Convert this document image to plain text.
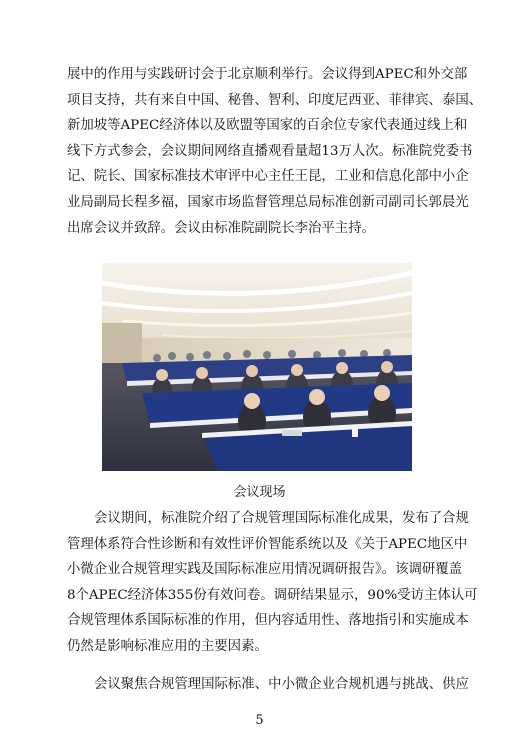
展中的作用与实践研讨会于北京顺利举行。会议得到APEC和外交部
项目支持，共有来自中国、秘鲁、智利、印度尼西亚、菲律宾、泰国、
新加坡等APEC经济体以及欧盟等国家的百余位专家代表通过线上和
线下方式参会，会议期间网络直播观看量超13万人次。标准院党委书
记、院长、国家标准技术审评中心主任王昆，工业和信息化部中小企
业局副局长程多福，国家市场监督管理总局标准创新司副司长郭晨光
出席会议并致辞。会议由标准院副院长李治平主持。
会议现场
会议期间，标准院介绍了合规管理国际标准化成果，发布了合规
管理体系符合性诊断和有效性评价智能系统以及《关于APEC地区中
小微企业合规管理实践及国际标准应用情况调研报告》。该调研覆盖
8个APEC经济体355份有效问卷。调研结果显示，90%受访主体认可
合规管理体系国际标准的作用，但内容适用性、落地指引和实施成本
仍然是影响标准应用的主要因素。
会议聚焦合规管理国际标准、中小微企业合规机遇与挑战、供应
5
